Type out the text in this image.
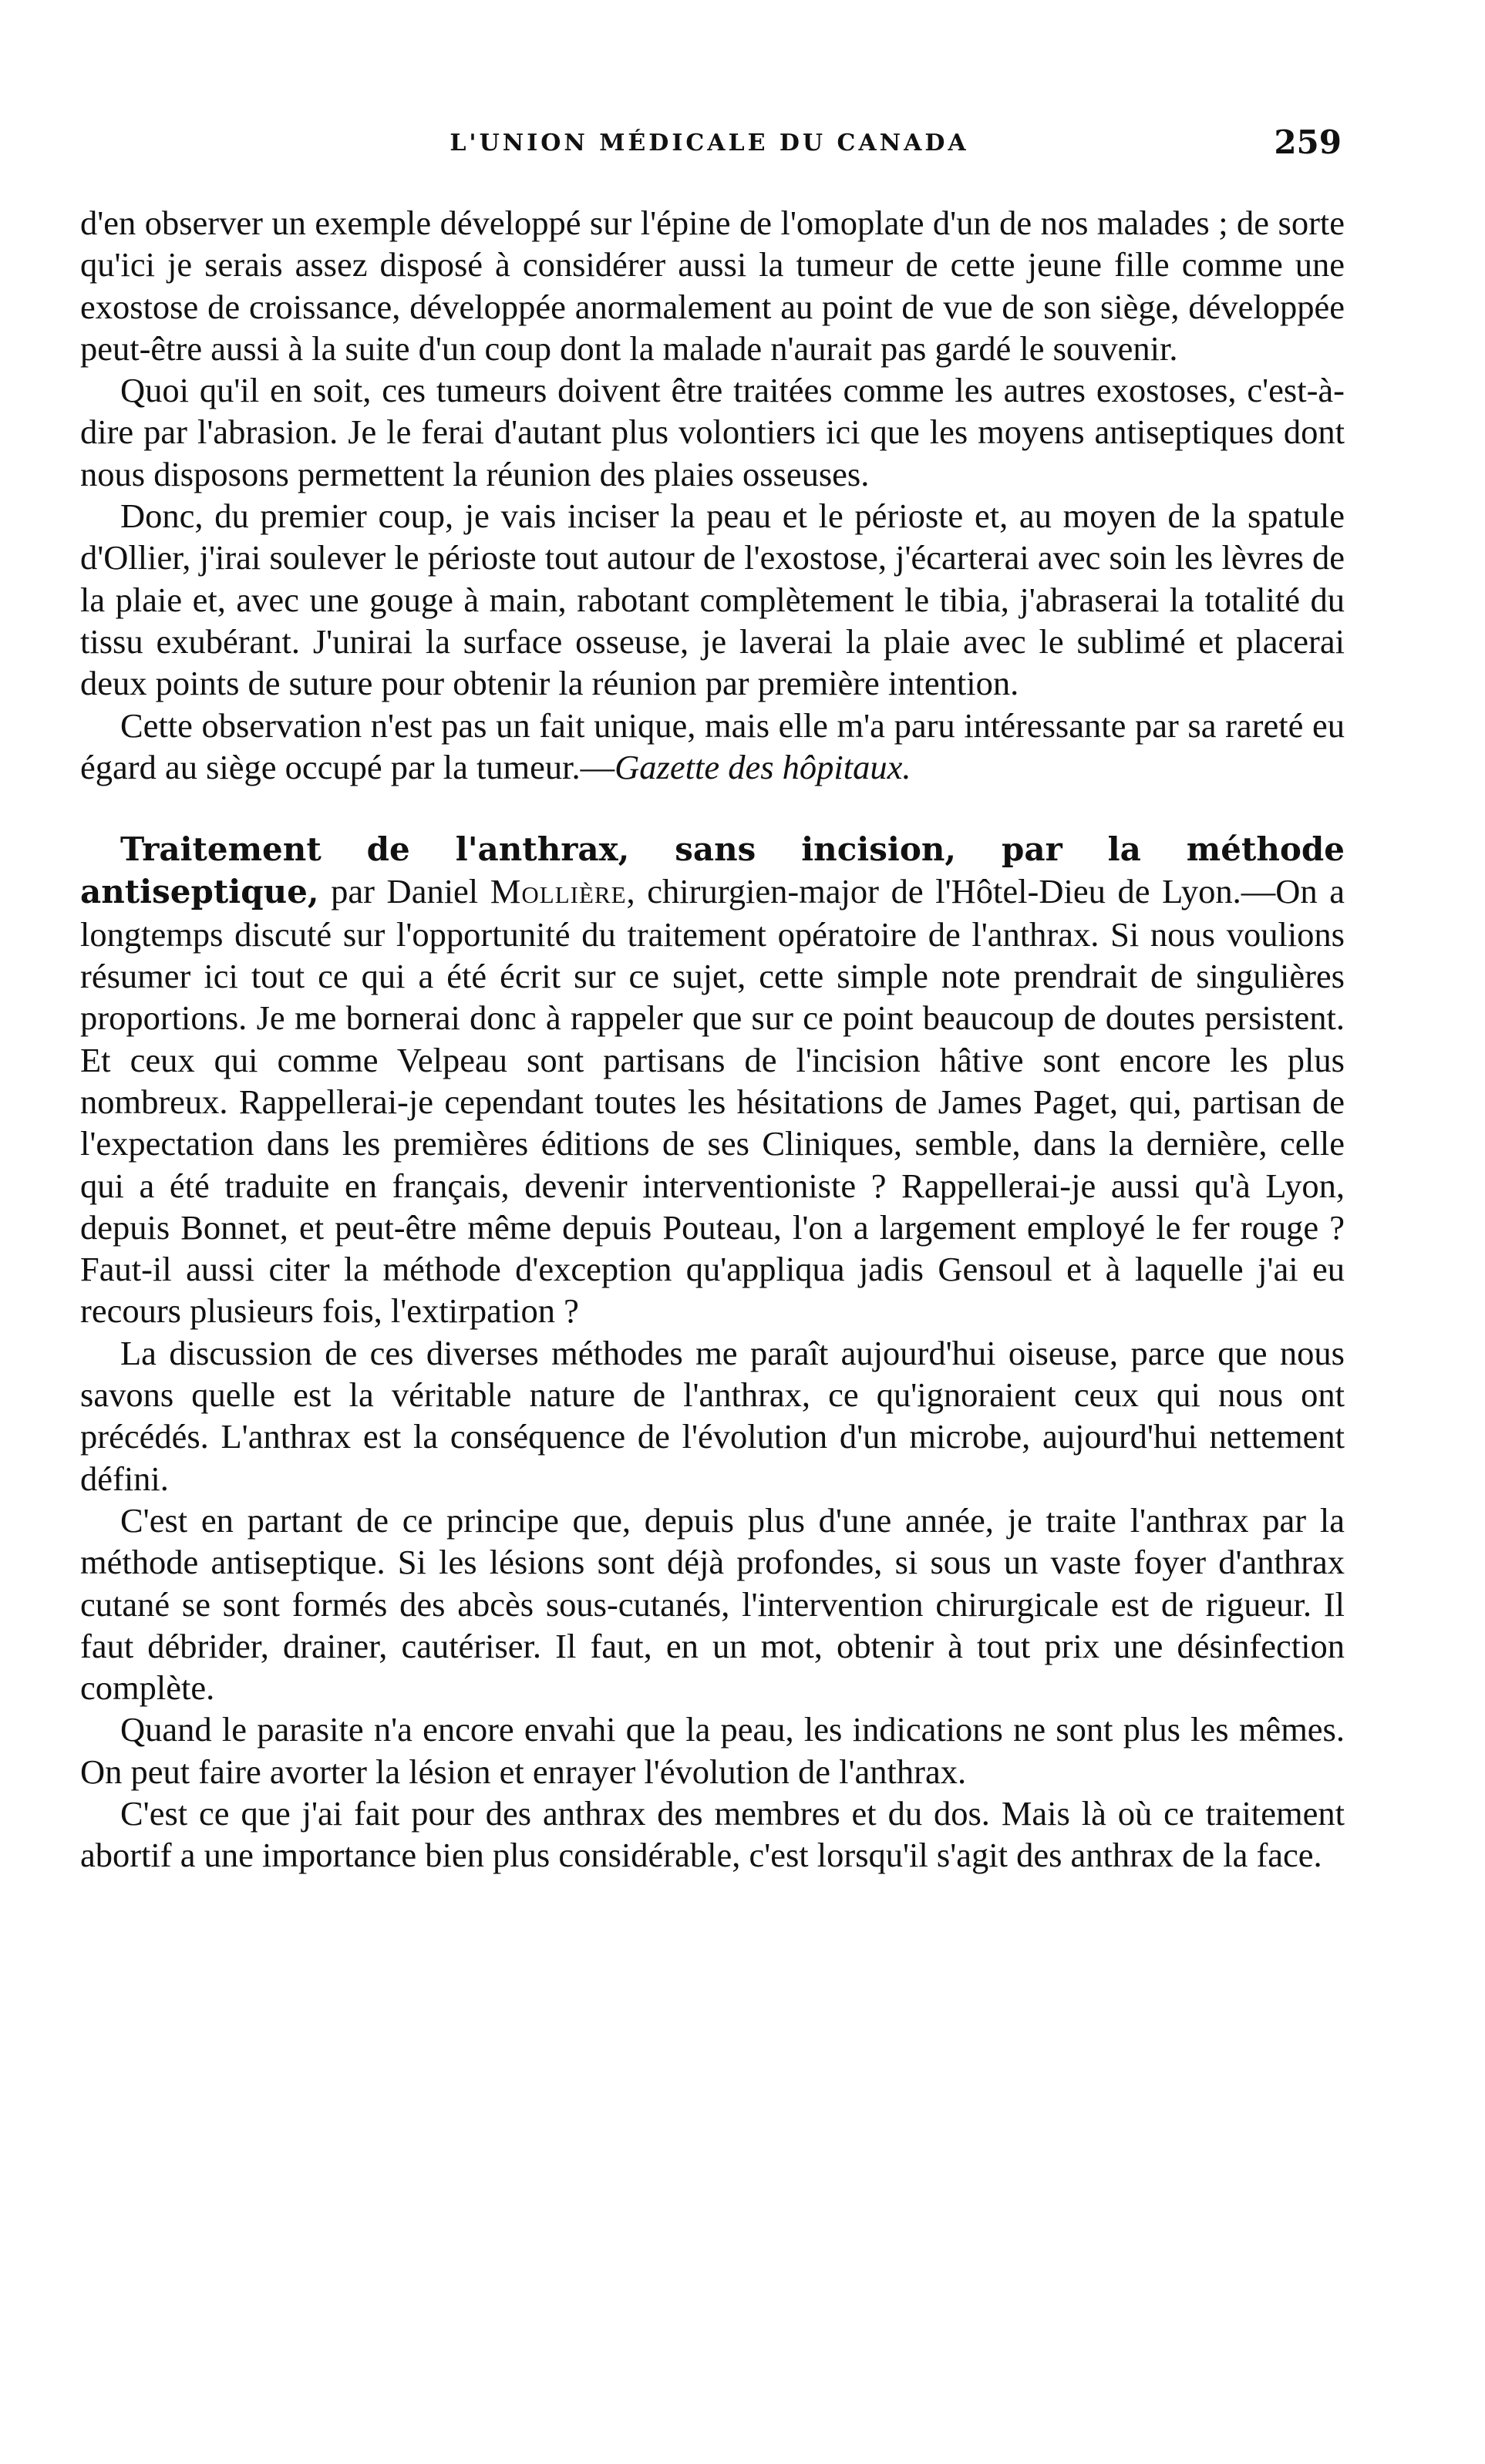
L'UNION MÉDICALE DU CANADA	259

d'en observer un exemple développé sur l'épine de l'omoplate d'un de nos malades ; de sorte qu'ici je serais assez disposé à considérer aussi la tumeur de cette jeune fille comme une exostose de croissance, développée anormalement au point de vue de son siège, développée peut-être aussi à la suite d'un coup dont la malade n'aurait pas gardé le souvenir.

Quoi qu'il en soit, ces tumeurs doivent être traitées comme les autres exostoses, c'est-à-dire par l'abrasion. Je le ferai d'autant plus volontiers ici que les moyens antiseptiques dont nous disposons permettent la réunion des plaies osseuses.

Donc, du premier coup, je vais inciser la peau et le périoste et, au moyen de la spatule d'Ollier, j'irai soulever le périoste tout autour de l'exostose, j'écarterai avec soin les lèvres de la plaie et, avec une gouge à main, rabotant complètement le tibia, j'abraserai la totalité du tissu exubérant. J'unirai la surface osseuse, je laverai la plaie avec le sublimé et placerai deux points de suture pour obtenir la réunion par première intention.

Cette observation n'est pas un fait unique, mais elle m'a paru intéressante par sa rareté eu égard au siège occupé par la tumeur.—Gazette des hôpitaux.

Traitement de l'anthrax, sans incision, par la méthode antiseptique, par Daniel Mollière, chirurgien-major de l'Hôtel-Dieu de Lyon.—On a longtemps discuté sur l'opportunité du traitement opératoire de l'anthrax. Si nous voulions résumer ici tout ce qui a été écrit sur ce sujet, cette simple note prendrait de singulières proportions. Je me bornerai donc à rappeler que sur ce point beaucoup de doutes persistent. Et ceux qui comme Velpeau sont partisans de l'incision hâtive sont encore les plus nombreux. Rappellerai-je cependant toutes les hésitations de James Paget, qui, partisan de l'expectation dans les premières éditions de ses Cliniques, semble, dans la dernière, celle qui a été traduite en français, devenir interventioniste ? Rappellerai-je aussi qu'à Lyon, depuis Bonnet, et peut-être même depuis Pouteau, l'on a largement employé le fer rouge ? Faut-il aussi citer la méthode d'exception qu'appliqua jadis Gensoul et à laquelle j'ai eu recours plusieurs fois, l'extirpation ?

La discussion de ces diverses méthodes me paraît aujourd'hui oiseuse, parce que nous savons quelle est la véritable nature de l'anthrax, ce qu'ignoraient ceux qui nous ont précédés. L'anthrax est la conséquence de l'évolution d'un microbe, aujourd'hui nettement défini.

C'est en partant de ce principe que, depuis plus d'une année, je traite l'anthrax par la méthode antiseptique. Si les lésions sont déjà profondes, si sous un vaste foyer d'anthrax cutané se sont formés des abcès sous-cutanés, l'intervention chirurgicale est de rigueur. Il faut débrider, drainer, cautériser. Il faut, en un mot, obtenir à tout prix une désinfection complète.

Quand le parasite n'a encore envahi que la peau, les indications ne sont plus les mêmes. On peut faire avorter la lésion et enrayer l'évolution de l'anthrax.

C'est ce que j'ai fait pour des anthrax des membres et du dos. Mais là où ce traitement abortif a une importance bien plus considérable, c'est lorsqu'il s'agit des anthrax de la face.
